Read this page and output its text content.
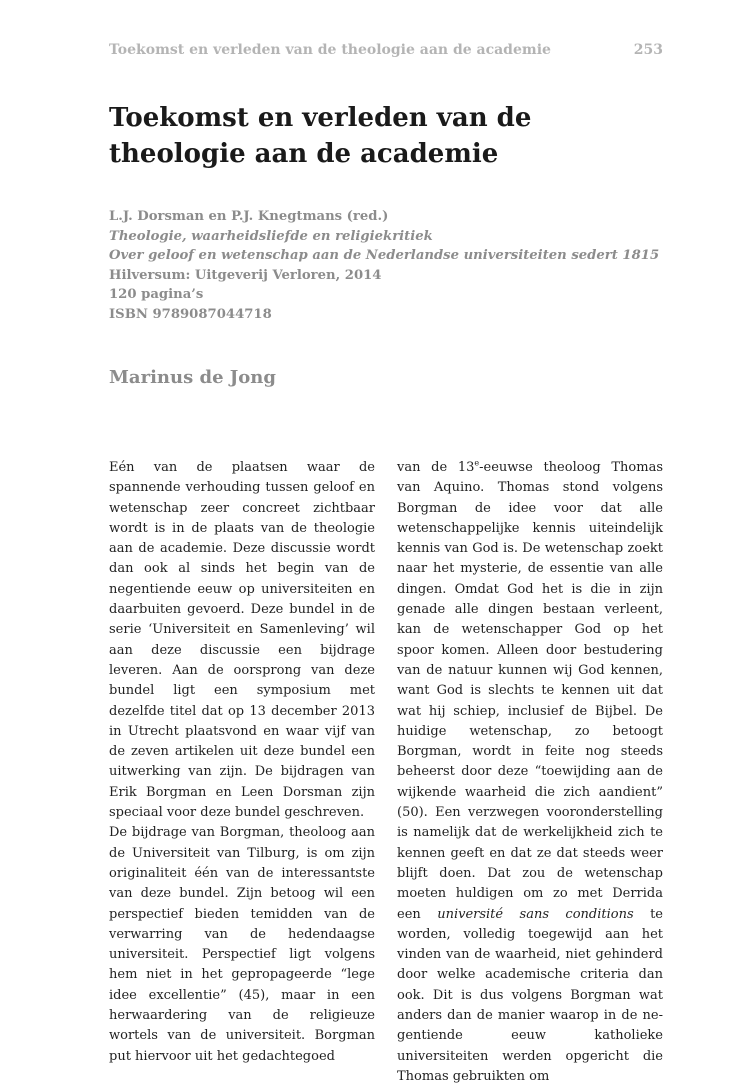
Toekomst en verleden van de theologie aan de academie	253
Toekomst en verleden van de theologie aan de academie
L.J. Dorsman en P.J. Knegtmans (red.)
Theologie, waarheidsliefde en religiekritiek
Over geloof en wetenschap aan de Nederlandse universiteiten sedert 1815
Hilversum: Uitgeverij Verloren, 2014
120 pagina’s
ISBN 9789087044718
Marinus de Jong

Eén van de plaatsen waar de spannende verhouding tussen geloof en wetenschap zeer concreet zichtbaar wordt is in de plaats van de theologie aan de academie. Deze discussie wordt dan ook al sinds het begin van de negentiende eeuw op universiteiten en daarbuiten gevoerd. Deze bundel in de serie ‘Universiteit en Samenleving’ wil aan deze discussie een bijdrage leveren. Aan de oorsprong van deze bundel ligt een symposium met dezelfde titel dat op 13 december 2013 in Utrecht plaatsvond en waar vijf van de zeven artikelen uit deze bundel een uitwerking van zijn. De bijdragen van Erik Borgman en Leen Dorsman zijn speciaal voor deze bundel geschreven.

De bijdrage van Borgman, theoloog aan de Universiteit van Tilburg, is om zijn originaliteit één van de interessantste van deze bundel. Zijn betoog wil een perspectief bieden temidden van de verwarring van de hedendaagse universiteit. Perspectief ligt volgens hem niet in het gepropageerde “lege idee excellentie” (45), maar in een herwaardering van de religieuze wortels van de universiteit. Borgman put hiervoor uit het gedachtegoed

van de 13e-eeuwse theoloog Thomas van Aquino. Thomas stond volgens Borgman de idee voor dat alle wetenschappelijke kennis uiteindelijk kennis van God is. De wetenschap zoekt naar het mysterie, de essentie van alle dingen. Omdat God het is die in zijn genade alle dingen bestaan verleent, kan de wetenschapper God op het spoor komen. Alleen door bestudering van de natuur kunnen wij God kennen, want God is slechts te kennen uit dat wat hij schiep, inclusief de Bijbel. De huidige wetenschap, zo betoogt Borgman, wordt in feite nog steeds beheerst door deze “toewijding aan de wijkende waarheid die zich aandient” (50). Een verzwegen vooronderstelling is namelijk dat de werkelijkheid zich te kennen geeft en dat ze dat steeds weer blijft doen. Dat zou de wetenschap moeten huldigen om zo met Derrida een université sans conditions te worden, volledig toegewijd aan het vinden van de waarheid, niet gehinderd door welke academische criteria dan ook. Dit is dus volgens Borgman wat anders dan de manier waarop in de negentiende eeuw katholieke universiteiten werden opgericht die Thomas gebruikten om
